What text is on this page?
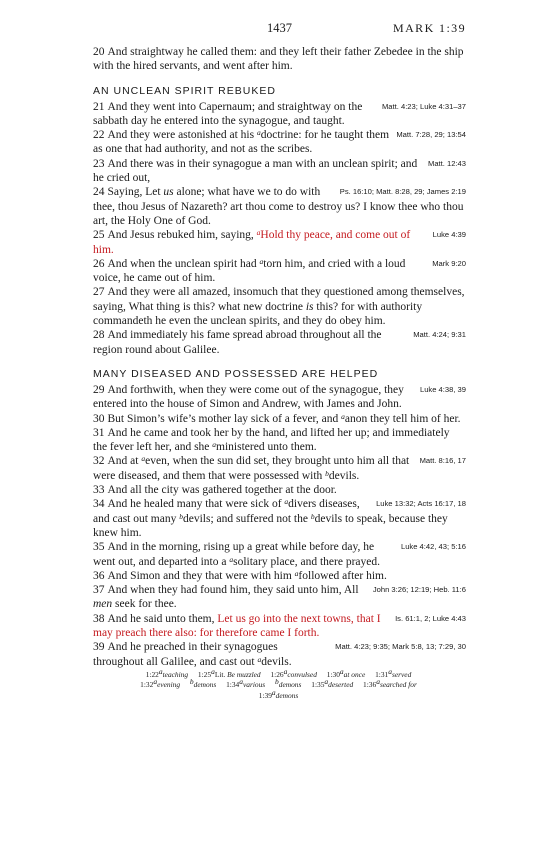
1437	MARK 1:39

20 And straightway he called them: and they left their father Zebedee in the ship with the hired servants, and went after him.

AN UNCLEAN SPIRIT REBUKED

Matt. 4:23; Luke 4:31–37
21 And they went into Capernaum; and straightway on the sabbath day he entered into the synagogue, and taught.

Matt. 7:28, 29; 13:54
22 And they were astonished at his $^a$doctrine: for he taught them as one that had authority, and not as the scribes.

Matt. 12:43
23 And there was in their synagogue a man with an unclean spirit; and he cried out,

Ps. 16:10; Matt. 8:28, 29; James 2:19
24 Saying, Let us alone; what have we to do with thee, thou Jesus of Nazareth? art thou come to destroy us? I know thee who thou art, the Holy One of God.

Luke 4:39
25 And Jesus rebuked him, saying, $^a$Hold thy peace, and come out of him.

Mark 9:20
26 And when the unclean spirit had $^a$torn him, and cried with a loud voice, he came out of him.

27 And they were all amazed, insomuch that they questioned among themselves, saying, What thing is this? what new doctrine is this? for with authority commandeth he even the unclean spirits, and they do obey him.

Matt. 4:24; 9:31
28 And immediately his fame spread abroad throughout all the region round about Galilee.

MANY DISEASED AND POSSESSED ARE HELPED

Luke 4:38, 39
29 And forthwith, when they were come out of the synagogue, they entered into the house of Simon and Andrew, with James and John.

30 But Simon’s wife’s mother lay sick of a fever, and $^a$anon they tell him of her.

31 And he came and took her by the hand, and lifted her up; and immediately the fever left her, and she $^a$ministered unto them.

Matt. 8:16, 17
32 And at $^a$even, when the sun did set, they brought unto him all that were diseased, and them that were possessed with $^b$devils.

33 And all the city was gathered together at the door.

Luke 13:32; Acts 16:17, 18
34 And he healed many that were sick of $^a$divers diseases, and cast out many $^b$devils; and suffered not the $^b$devils to speak, because they knew him.

Luke 4:42, 43; 5:16
35 And in the morning, rising up a great while before day, he went out, and departed into a $^a$solitary place, and there prayed.

36 And Simon and they that were with him $^a$followed after him.

John 3:26; 12:19; Heb. 11:6
37 And when they had found him, they said unto him, All men seek for thee.

Is. 61:1, 2; Luke 4:43
38 And he said unto them, Let us go into the next towns, that I may preach there also: for therefore came I forth.

Matt. 4:23; 9:35; Mark 5:8, 13; 7:29, 30
39 And he preached in their synagogues throughout all Galilee, and cast out $^a$devils.

1:22$^a$teaching 1:25$^a$Lit. Be muzzled 1:26$^a$convulsed 1:30$^a$at once 1:31$^a$served 1:32$^a$evening $^b$demons 1:34$^a$various $^b$demons 1:35$^a$deserted 1:36$^a$searched for 1:39$^a$demons
